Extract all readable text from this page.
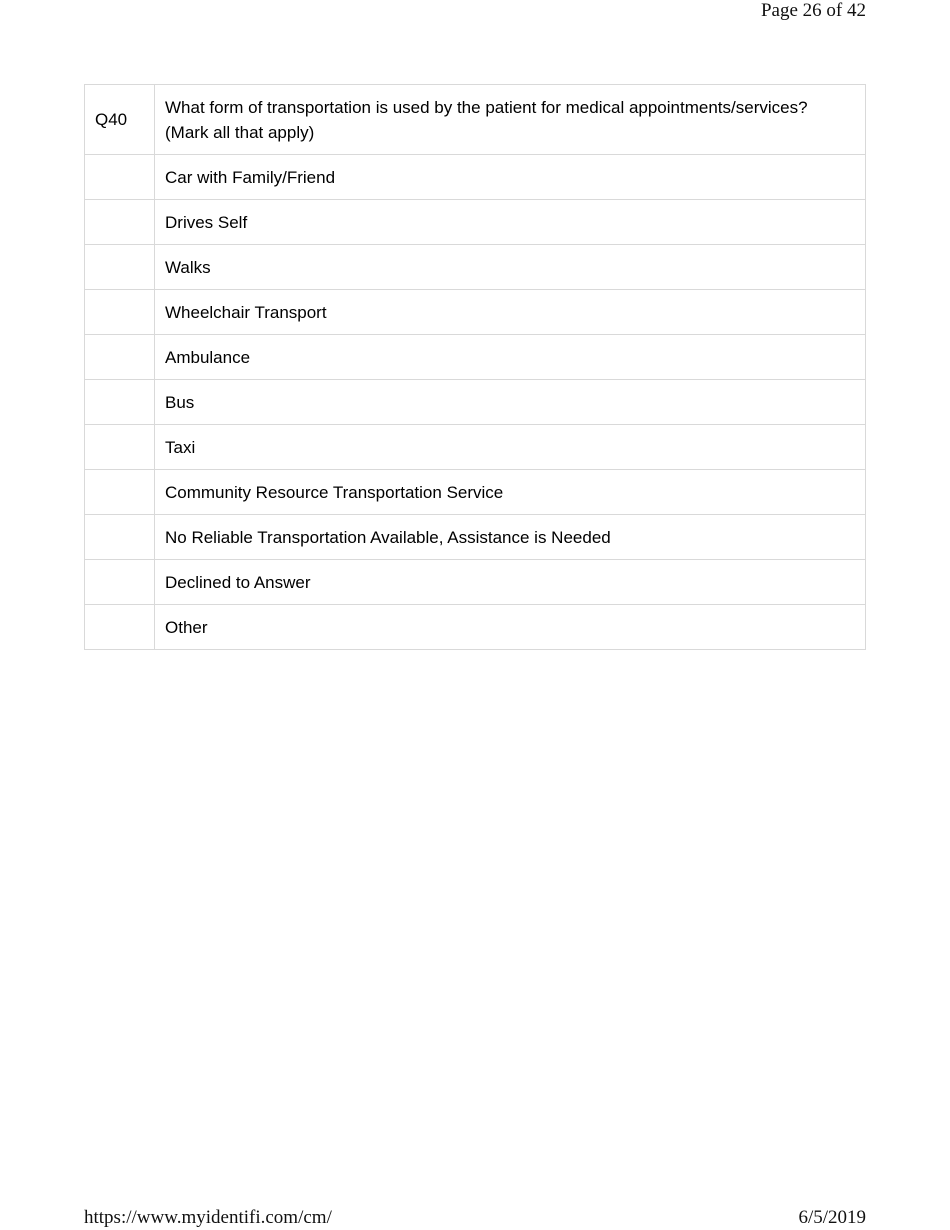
Page 26 of 42
Q40	What form of transportation is used by the patient for medical appointments/services? (Mark all that apply)
	Car with Family/Friend
	Drives Self
	Walks
	Wheelchair Transport
	Ambulance
	Bus
	Taxi
	Community Resource Transportation Service
	No Reliable Transportation Available, Assistance is Needed
	Declined to Answer
	Other
https://www.myidentifi.com/cm/	6/5/2019
